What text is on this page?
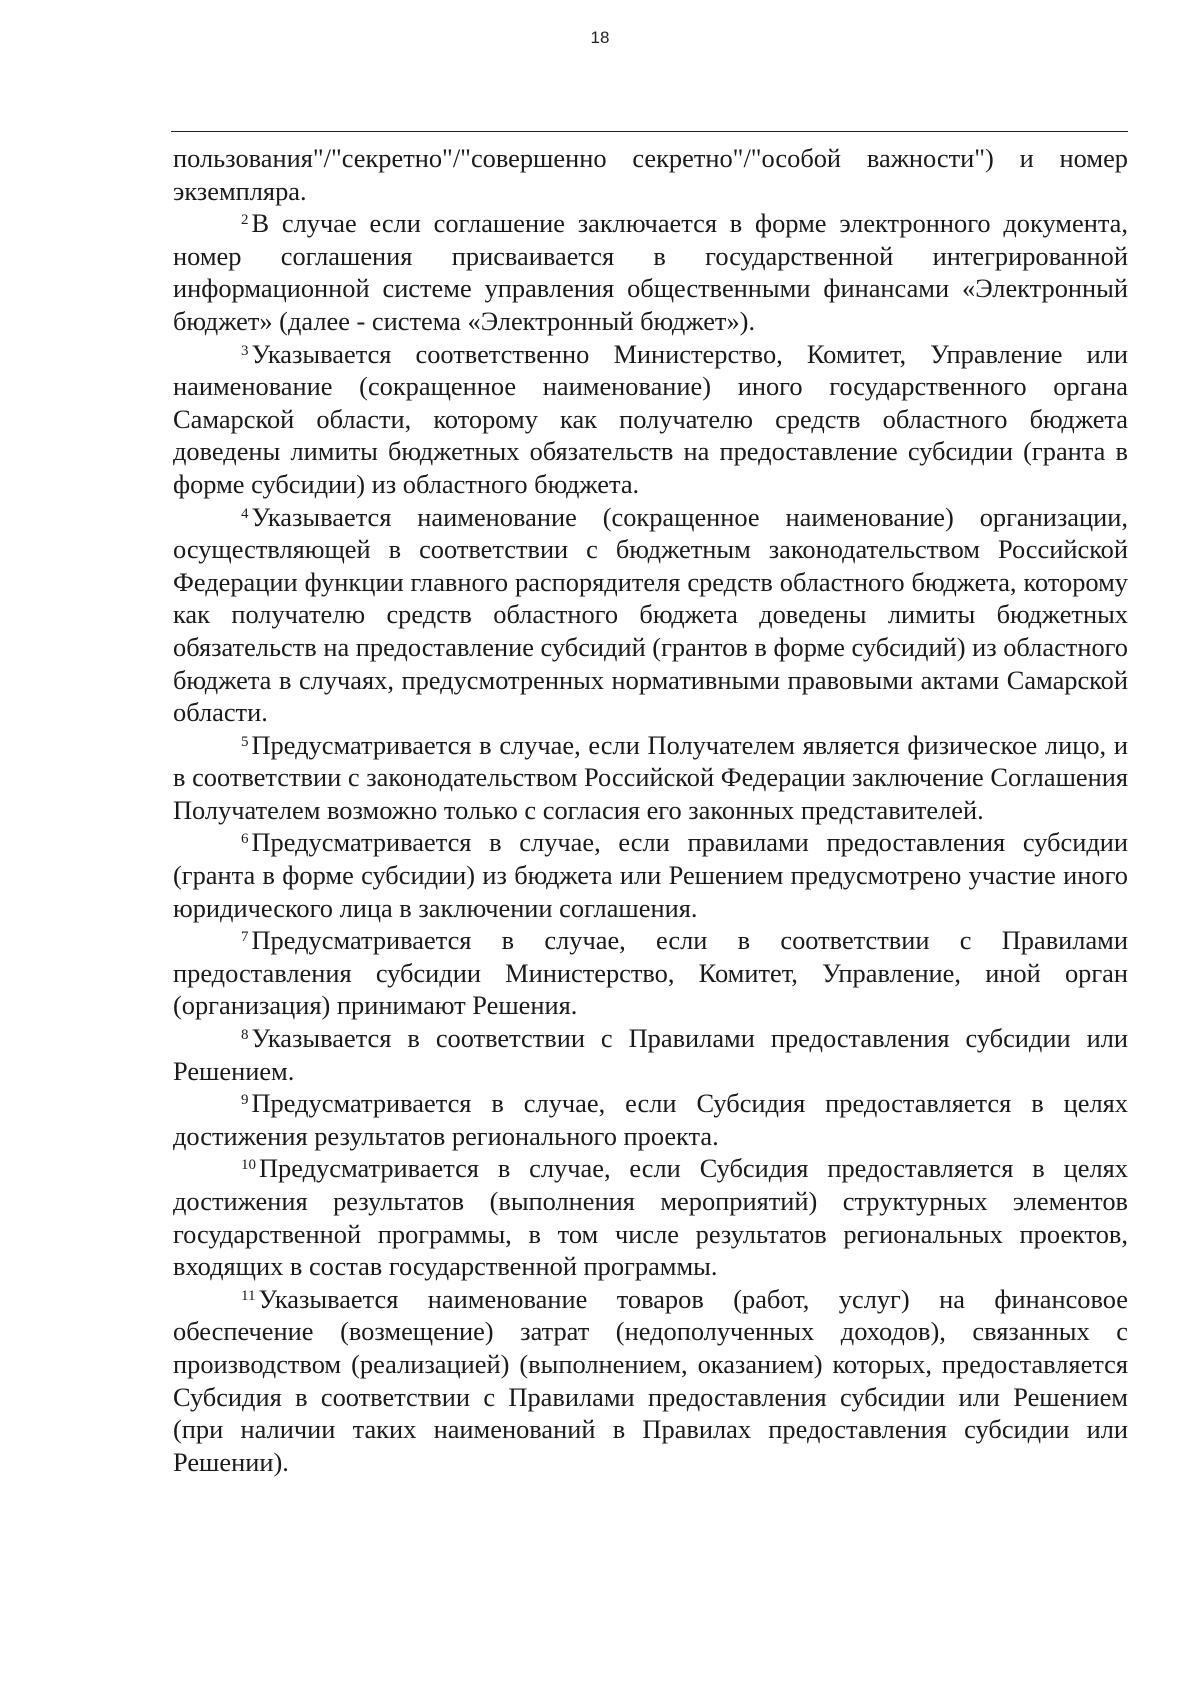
18

пользования"/"секретно"/"совершенно секретно"/"особой важности") и номер экземпляра.

$^2$ В случае если соглашение заключается в форме электронного документа, номер соглашения присваивается в государственной интегрированной информационной системе управления общественными финансами «Электронный бюджет» (далее - система «Электронный бюджет»).

$^3$ Указывается соответственно Министерство, Комитет, Управление или наименование (сокращенное наименование) иного государственного органа Самарской области, которому как получателю средств областного бюджета доведены лимиты бюджетных обязательств на предоставление субсидии (гранта в форме субсидии) из областного бюджета.

$^4$ Указывается наименование (сокращенное наименование) организации, осуществляющей в соответствии с бюджетным законодательством Российской Федерации функции главного распорядителя средств областного бюджета, которому как получателю средств областного бюджета доведены лимиты бюджетных обязательств на предоставление субсидий (грантов в форме субсидий) из областного бюджета в случаях, предусмотренных нормативными правовыми актами Самарской области.

$^5$ Предусматривается в случае, если Получателем является физическое лицо, и в соответствии с законодательством Российской Федерации заключение Соглашения Получателем возможно только с согласия его законных представителей.

$^6$ Предусматривается в случае, если правилами предоставления субсидии (гранта в форме субсидии) из бюджета или Решением предусмотрено участие иного юридического лица в заключении соглашения.

$^7$ Предусматривается в случае, если в соответствии с Правилами предоставления субсидии Министерство, Комитет, Управление, иной орган (организация) принимают Решения.

$^8$ Указывается в соответствии с Правилами предоставления субсидии или Решением.

$^9$ Предусматривается в случае, если Субсидия предоставляется в целях достижения результатов регионального проекта.

$^{10}$ Предусматривается в случае, если Субсидия предоставляется в целях достижения результатов (выполнения мероприятий) структурных элементов государственной программы, в том числе результатов региональных проектов, входящих в состав государственной программы.

$^{11}$ Указывается наименование товаров (работ, услуг) на финансовое обеспечение (возмещение) затрат (недополученных доходов), связанных с производством (реализацией) (выполнением, оказанием) которых, предоставляется Субсидия в соответствии с Правилами предоставления субсидии или Решением (при наличии таких наименований в Правилах предоставления субсидии или Решении).
